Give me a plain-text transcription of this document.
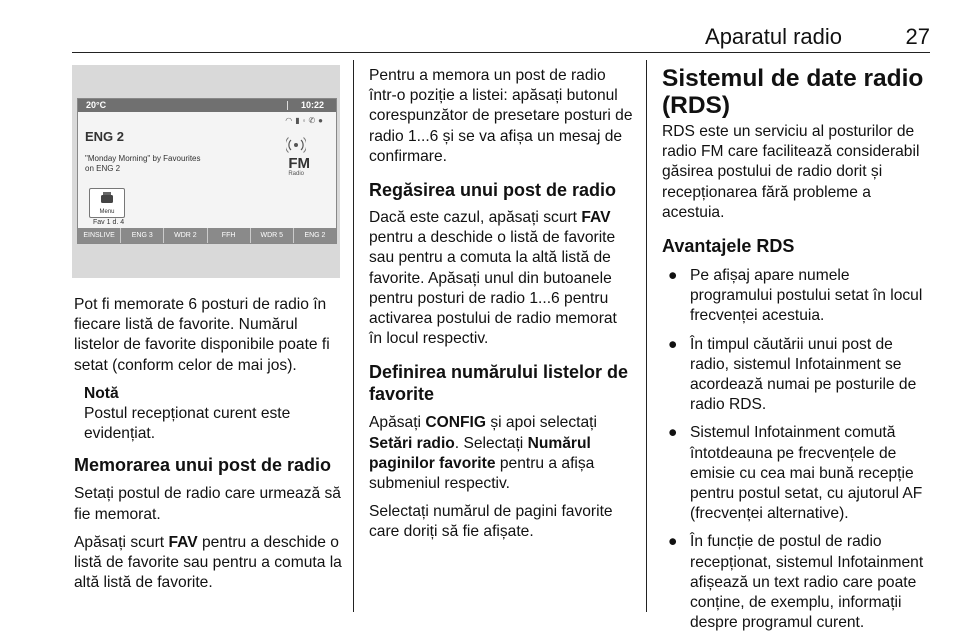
Aparatul radio	27
20°C	10:22
◠▮◦✆●
ENG 2
"Monday Morning" by Favourites on ENG 2	FM
Radio
Menu
Fav 1 d. 4
EINSLIVE	ENG 3	WDR 2	FFH	WDR 5	ENG 2

Pot fi memorate 6 posturi de radio în fiecare listă de favorite. Numărul listelor de favorite disponibile poate fi setat (conform celor de mai jos).

Notă

Postul recepționat curent este evidențiat.

Memorarea unui post de radio

Setați postul de radio care urmează să fie memorat.

Apăsați scurt FAV pentru a deschide o listă de favorite sau pentru a comuta la altă listă de favorite.

Pentru a memora un post de radio într-o poziție a listei: apăsați butonul corespunzător de presetare posturi de radio 1...6 și se va afișa un mesaj de confirmare.

Regăsirea unui post de radio

Dacă este cazul, apăsați scurt FAV pentru a deschide o listă de favorite sau pentru a comuta la altă listă de favorite. Apăsați unul din butoanele pentru posturi de radio 1...6 pentru activarea postului de radio memorat în locul respectiv.

Definirea numărului listelor de favorite

Apăsați CONFIG și apoi selectați Setări radio. Selectați Numărul paginilor favorite pentru a afișa submeniul respectiv.

Selectați numărul de pagini favorite care doriți să fie afișate.

Sistemul de date radio (RDS)

RDS este un serviciu al posturilor de radio FM care facilitează considerabil găsirea postului de radio dorit și recepționarea fără probleme a acestuia.

Avantajele RDS
● Pe afișaj apare numele programului postului setat în locul frecvenței acestuia.
● În timpul căutării unui post de radio, sistemul Infotainment se acordează numai pe posturile de radio RDS.
● Sistemul Infotainment comută întotdeauna pe frecvențele de emisie cu cea mai bună recepție pentru postul setat, cu ajutorul AF (frecvenței alternative).
● În funcție de postul de radio recepționat, sistemul Infotainment afișează un text radio care poate conține, de exemplu, informații despre programul curent.
